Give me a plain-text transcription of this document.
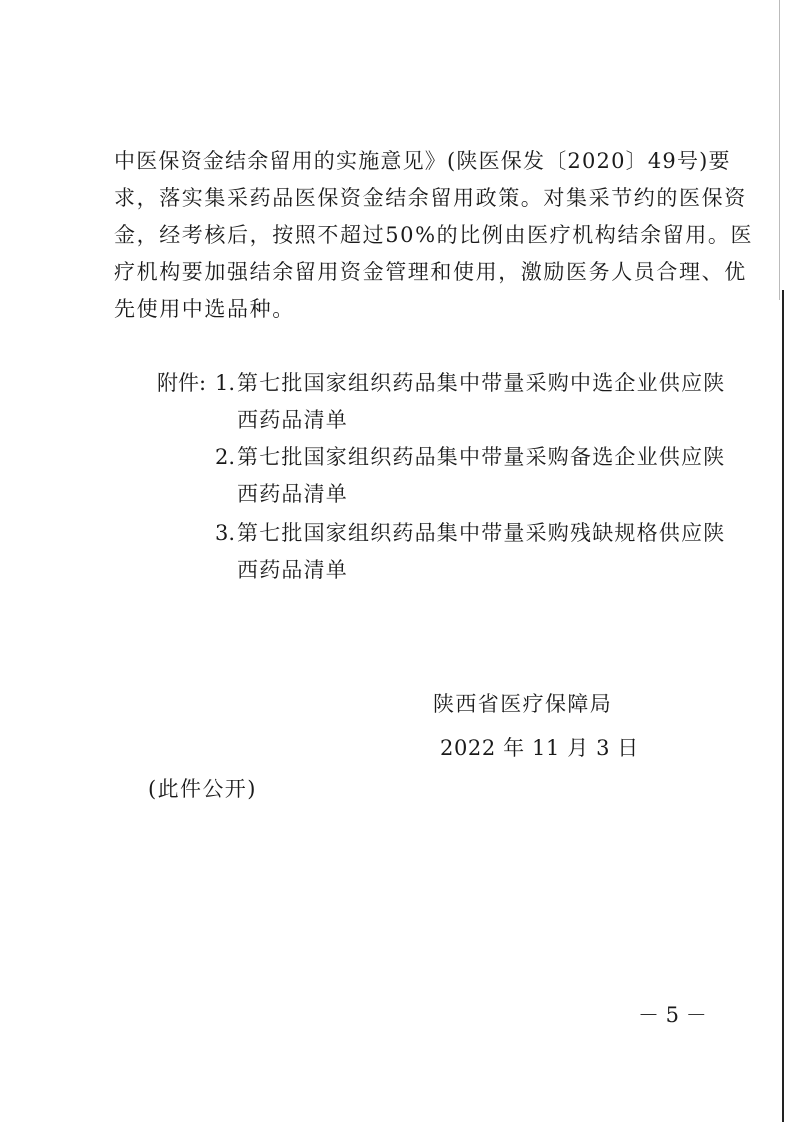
中医保资金结余留用的实施意见》(陕医保发〔2020〕49号)要
求，落实集采药品医保资金结余留用政策。对集采节约的医保资
金，经考核后，按照不超过50%的比例由医疗机构结余留用。医
疗机构要加强结余留用资金管理和使用，激励医务人员合理、优
先使用中选品种。
附件: 1. 第七批国家组织药品集中带量采购中选企业供应陕
西药品清单
2. 第七批国家组织药品集中带量采购备选企业供应陕
西药品清单
3. 第七批国家组织药品集中带量采购残缺规格供应陕
西药品清单
陕西省医疗保障局
2022 年 11 月 3 日
(此件公开)
－ 5 －
